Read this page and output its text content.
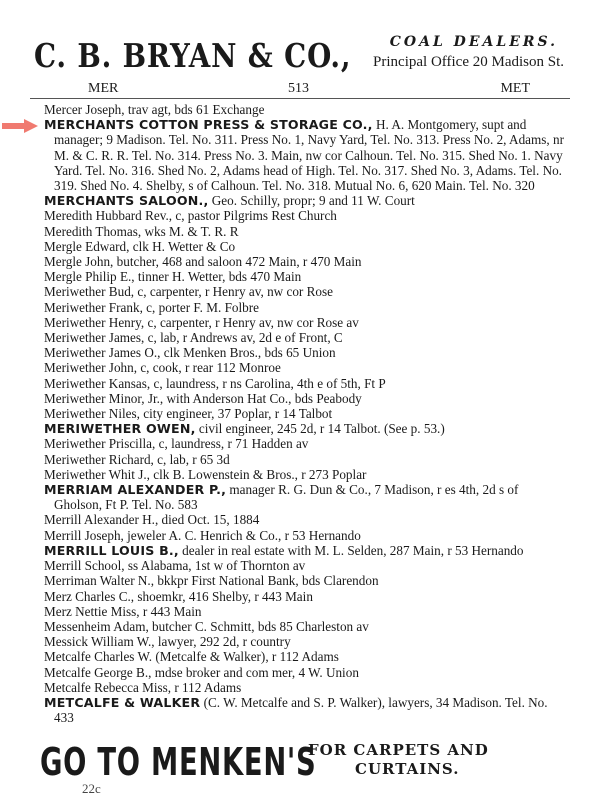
C. B. BRYAN & CO.,	COAL DEALERS.
Principal Office 20 Madison St.
MER	513	MET

Mercer Joseph, trav agt, bds 61 Exchange

MERCHANTS COTTON PRESS & STORAGE CO., H. A. Montgomery, supt and manager; 9 Madison. Tel. No. 311. Press No. 1, Navy Yard, Tel. No. 313. Press No. 2, Adams, nr M. & C. R. R. Tel. No. 314. Press No. 3. Main, nw cor Calhoun. Tel. No. 315. Shed No. 1. Navy Yard. Tel. No. 316. Shed No. 2, Adams head of High. Tel. No. 317. Shed No. 3, Adams. Tel. No. 319. Shed No. 4. Shelby, s of Calhoun. Tel. No. 318. Mutual No. 6, 620 Main. Tel. No. 320

MERCHANTS SALOON., Geo. Schilly, propr; 9 and 11 W. Court

Meredith Hubbard Rev., c, pastor Pilgrims Rest Church

Meredith Thomas, wks M. & T. R. R

Mergle Edward, clk H. Wetter & Co

Mergle John, butcher, 468 and saloon 472 Main, r 470 Main

Mergle Philip E., tinner H. Wetter, bds 470 Main

Meriwether Bud, c, carpenter, r Henry av, nw cor Rose

Meriwether Frank, c, porter F. M. Folbre

Meriwether Henry, c, carpenter, r Henry av, nw cor Rose av

Meriwether James, c, lab, r Andrews av, 2d e of Front, C

Meriwether James O., clk Menken Bros., bds 65 Union

Meriwether John, c, cook, r rear 112 Monroe

Meriwether Kansas, c, laundress, r ns Carolina, 4th e of 5th, Ft P

Meriwether Minor, Jr., with Anderson Hat Co., bds Peabody

Meriwether Niles, city engineer, 37 Poplar, r 14 Talbot

MERIWETHER OWEN, civil engineer, 245 2d, r 14 Talbot. (See p. 53.)

Meriwether Priscilla, c, laundress, r 71 Hadden av

Meriwether Richard, c, lab, r 65 3d

Meriwether Whit J., clk B. Lowenstein & Bros., r 273 Poplar

MERRIAM ALEXANDER P., manager R. G. Dun & Co., 7 Madison, r es 4th, 2d s of Gholson, Ft P. Tel. No. 583

Merrill Alexander H., died Oct. 15, 1884

Merrill Joseph, jeweler A. C. Henrich & Co., r 53 Hernando

MERRILL LOUIS B., dealer in real estate with M. L. Selden, 287 Main, r 53 Hernando

Merrill School, ss Alabama, 1st w of Thornton av

Merriman Walter N., bkkpr First National Bank, bds Clarendon

Merz Charles C., shoemkr, 416 Shelby, r 443 Main

Merz Nettie Miss, r 443 Main

Messenheim Adam, butcher C. Schmitt, bds 85 Charleston av

Messick William W., lawyer, 292 2d, r country

Metcalfe Charles W. (Metcalfe & Walker), r 112 Adams

Metcalfe George B., mdse broker and com mer, 4 W. Union

Metcalfe Rebecca Miss, r 112 Adams

METCALFE & WALKER (C. W. Metcalfe and S. P. Walker), lawyers, 34 Madison. Tel. No. 433

GO TO MENKEN'S
FOR CARPETS AND
CURTAINS.
22c
